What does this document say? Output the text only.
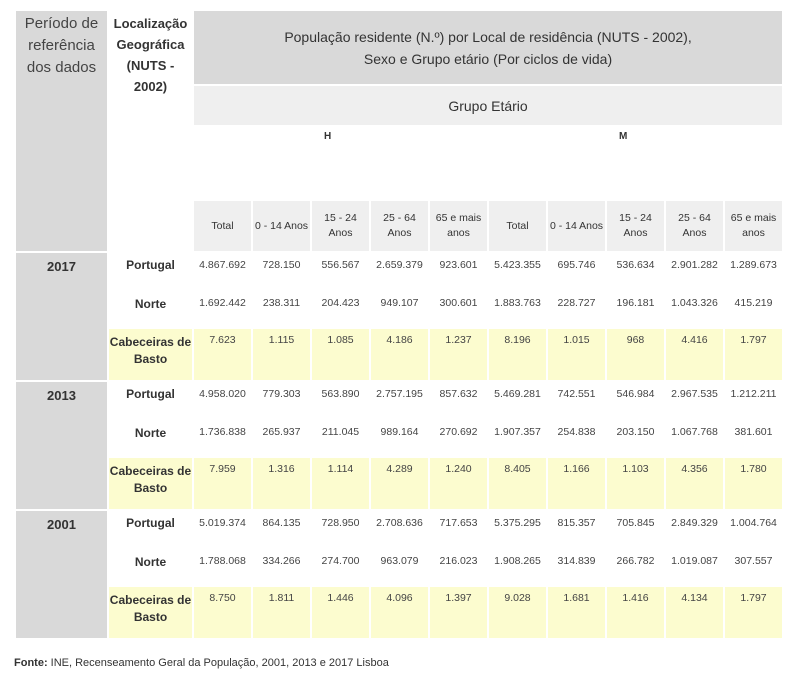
Período de referência dos dados	Localização Geográfica (NUTS - 2002)	População residente (N.º) por Local de residência (NUTS - 2002),
Sexo e Grupo etário (Por ciclos de vida)									

		Grupo Etário									
		H					M				
		Total	0 - 14 Anos	15 - 24 Anos	25 - 64 Anos	65 e mais anos	Total	0 - 14 Anos	15 - 24 Anos	25 - 64 Anos	65 e mais anos
2017	Portugal	4.867.692	728.150	556.567	2.659.379	923.601	5.423.355	695.746	536.634	2.901.282	1.289.673
	Norte	1.692.442	238.311	204.423	949.107	300.601	1.883.763	228.727	196.181	1.043.326	415.219
	Cabeceiras de Basto	7.623	1.115	1.085	4.186	1.237	8.196	1.015	968	4.416	1.797
2013	Portugal	4.958.020	779.303	563.890	2.757.195	857.632	5.469.281	742.551	546.984	2.967.535	1.212.211
	Norte	1.736.838	265.937	211.045	989.164	270.692	1.907.357	254.838	203.150	1.067.768	381.601
	Cabeceiras de Basto	7.959	1.316	1.114	4.289	1.240	8.405	1.166	1.103	4.356	1.780
2001	Portugal	5.019.374	864.135	728.950	2.708.636	717.653	5.375.295	815.357	705.845	2.849.329	1.004.764
	Norte	1.788.068	334.266	274.700	963.079	216.023	1.908.265	314.839	266.782	1.019.087	307.557
	Cabeceiras de Basto	8.750	1.811	1.446	4.096	1.397	9.028	1.681	1.416	4.134	1.797
Fonte: INE, Recenseamento Geral da População, 2001, 2013 e 2017 Lisboa
